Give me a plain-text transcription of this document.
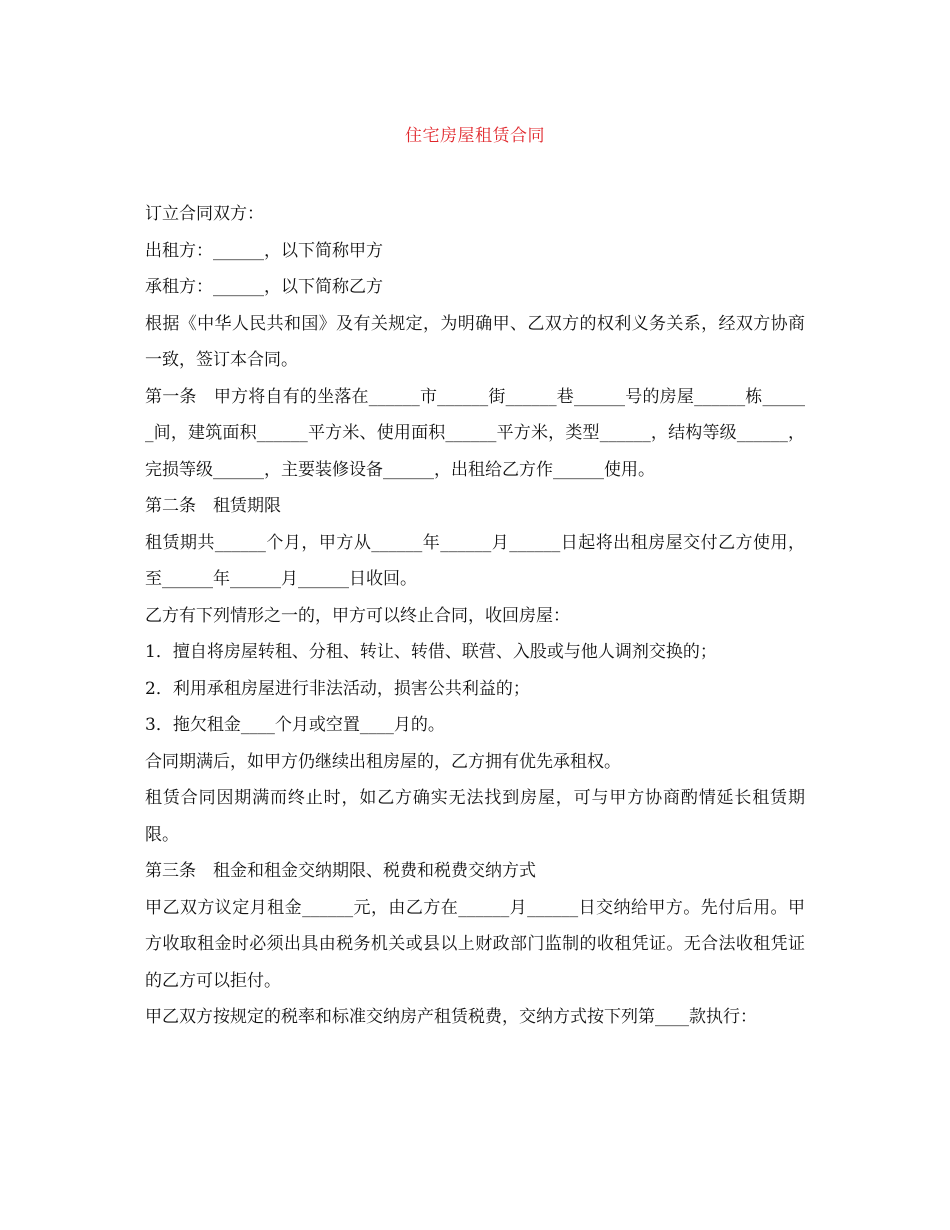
住宅房屋租赁合同

订立合同双方：

出租方：______，以下简称甲方

承租方：______，以下简称乙方

根据《中华人民共和国》及有关规定，为明确甲、乙双方的权利义务关系，经双方协商一致，签订本合同。

第一条　甲方将自有的坐落在______市______街______巷______号的房屋______栋______间，建筑面积______平方米、使用面积______平方米，类型______，结构等级______，完损等级______，主要装修设备______，出租给乙方作______使用。

第二条　租赁期限

租赁期共______个月，甲方从______年______月______日起将出租房屋交付乙方使用，至______年______月______日收回。

乙方有下列情形之一的，甲方可以终止合同，收回房屋：

1．擅自将房屋转租、分租、转让、转借、联营、入股或与他人调剂交换的；

2．利用承租房屋进行非法活动，损害公共利益的；

3．拖欠租金____个月或空置____月的。

合同期满后，如甲方仍继续出租房屋的，乙方拥有优先承租权。

租赁合同因期满而终止时，如乙方确实无法找到房屋，可与甲方协商酌情延长租赁期限。

第三条　租金和租金交纳期限、税费和税费交纳方式

甲乙双方议定月租金______元，由乙方在______月______日交纳给甲方。先付后用。甲方收取租金时必须出具由税务机关或县以上财政部门监制的收租凭证。无合法收租凭证的乙方可以拒付。

甲乙双方按规定的税率和标准交纳房产租赁税费，交纳方式按下列第____款执行：
